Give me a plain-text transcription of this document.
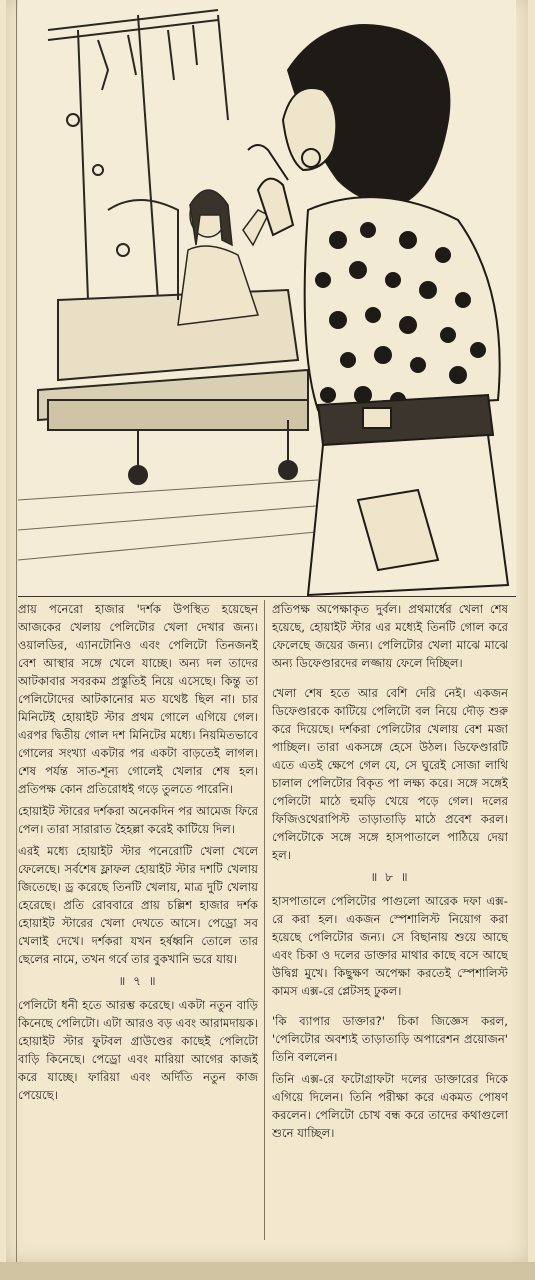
প্রায় পনেরো হাজার 'দর্শক উপস্থিত হয়েছেন আজকের খেলায় পেলিটোর খেলা দেখার জন্য। ওয়ালডির, এ্যানটোনিও এবং পেলিটো তিনজনই বেশ আস্থার সঙ্গে খেলে যাচ্ছে। অন্য দল তাদের আটকাবার সবরকম প্রস্তুতিই নিয়ে এসেছে। কিন্তু তা পেলিটোদের আটকানোর মত যথেষ্ট ছিল না। চার মিনিটেই হোয়াইট স্টার প্রথম গোলে এগিয়ে গেল। এরপর দ্বিতীয় গোল দশ মিনিটের মধ্যে। নিয়মিতভাবে গোলের সংখ্যা একটার পর একটা বাড়তেই লাগল। শেষ পর্যন্ত সাত-শূন্য গোলেই খেলার শেষ হল। প্রতিপক্ষ কোন প্রতিরোধই গড়ে তুলতে পারেনি।

হোয়াইট স্টারের দর্শকরা অনেকদিন পর আমেজ ফিরে পেল। তারা সারারাত হৈহল্লা করেই কাটিয়ে দিল।

এরই মধ্যে হোয়াইট স্টার পনেরোটি খেলা খেলে ফেলেছে। সর্বশেষ ফ্লাফল হোয়াইট স্টার দশটি খেলায় জিতেছে। ড্র করেছে তিনটি খেলায়, মাত্র দুটি খেলায় হেরেছে। প্রতি রোববারে প্রায় চল্লিশ হাজার দর্শক হোয়াইট স্টারের খেলা দেখতে আসে। পেড্রো সব খেলাই দেখে। দর্শকরা যখন হর্ষধ্বনি তোলে তার ছেলের নামে, তখন গর্বে তার বুকখানি ভরে যায়।

॥ ৭ ॥

পেলিটো ধনী হতে আরম্ভ করেছে। একটা নতুন বাড়ি কিনেছে পেলিটো। এটা আরও বড় এবং আরামদায়ক। হোয়াইট স্টার ফুটবল গ্রাউণ্ডের কাছেই পেলিটো বাড়ি কিনেছে। পেড্রো এবং মারিয়া আগের কাজই করে যাচ্ছে। ফারিয়া এবং অর্দিতি নতুন কাজ পেয়েছে।

প্রতিপক্ষ অপেক্ষাকৃত দুর্বল। প্রথমার্ধের খেলা শেষ হয়েছে, হোয়াইট স্টার এর মধ্যেই তিনটি গোল করে ফেলেছে জয়ের জন্য। পেলিটোর খেলা মাঝে মাঝে অন্য ডিফেণ্ডারদের লজ্জায় ফেলে দিচ্ছিল।

খেলা শেষ হতে আর বেশি দেরি নেই। একজন ডিফেণ্ডারকে কাটিয়ে পেলিটো বল নিয়ে দৌড় শুরু করে দিয়েছে। দর্শকরা পেলিটোর খেলায় বেশ মজা পাচ্ছিল। তারা একসঙ্গে হেসে উঠল। ডিফেণ্ডারটি এতে এতই ক্ষেপে গেল যে, সে ঘুরেই সোজা লাথি চালাল পেলিটোর বিকৃত পা লক্ষ্য করে। সঙ্গে সঙ্গেই পেলিটো মাঠে হুমড়ি খেয়ে পড়ে গেল। দলের ফিজিওথেরাপিস্ট তাড়াতাড়ি মাঠে প্রবেশ করল। পেলিটোকে সঙ্গে সঙ্গে হাসপাতালে পাঠিয়ে দেয়া হল।

॥ ৮ ॥

হাসপাতালে পেলিটোর পাগুলো আরেক দফা এক্স-রে করা হল। একজন স্পেশালিস্ট নিয়োগ করা হয়েছে পেলিটোর জন্য। সে বিছানায় শুয়ে আছে এবং চিকা ও দলের ডাক্তার মাথার কাছে বসে আছে উদ্বিগ্ন মুখে। কিছুক্ষণ অপেক্ষা করতেই স্পেশালিস্ট কামস এক্স-রে প্লেটসহ ঢুকল।

'কি ব্যাপার ডাক্তার?' চিকা জিজ্ঞেস করল, 'পেলিটোর অবশ্যই তাড়াতাড়ি অপারেশন প্রয়োজন' তিনি বললেন।

তিনি এক্স-রে ফটোগ্রাফটা দলের ডাক্তারের দিকে এগিয়ে দিলেন। তিনি পরীক্ষা করে একমত পোষণ করলেন। পেলিটো চোখ বন্ধ করে তাদের কথাগুলো শুনে যাচ্ছিল।
